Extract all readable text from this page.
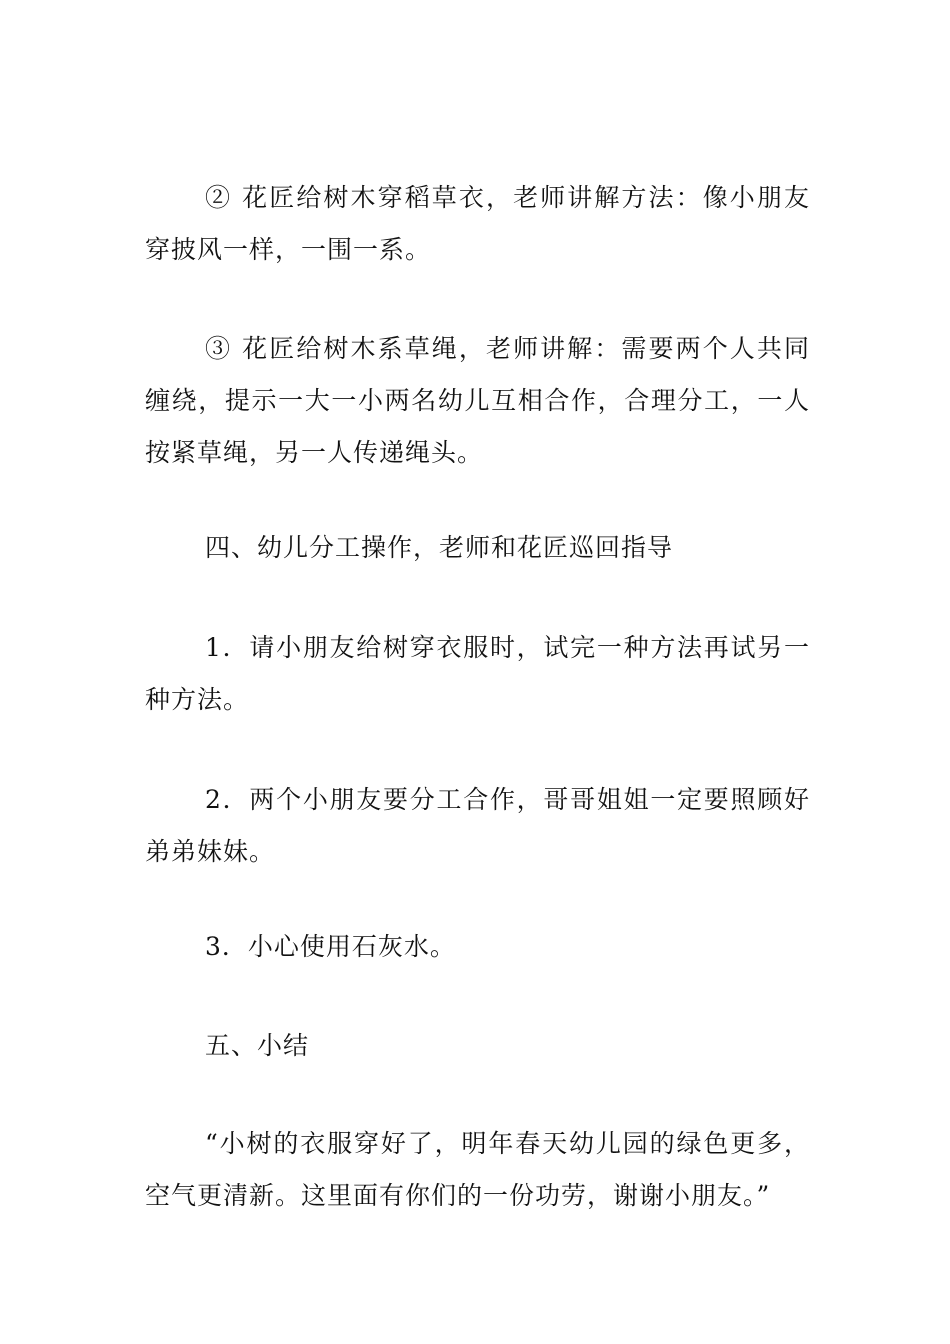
② 花匠给树木穿稻草衣，老师讲解方法：像小朋友穿披风一样，一围一系。

③ 花匠给树木系草绳，老师讲解：需要两个人共同缠绕，提示一大一小两名幼儿互相合作，合理分工，一人按紧草绳，另一人传递绳头。

四、幼儿分工操作，老师和花匠巡回指导

1．请小朋友给树穿衣服时，试完一种方法再试另一种方法。

2．两个小朋友要分工合作，哥哥姐姐一定要照顾好弟弟妹妹。

3．小心使用石灰水。

五、小结

“小树的衣服穿好了，明年春天幼儿园的绿色更多，空气更清新。这里面有你们的一份功劳，谢谢小朋友。”
